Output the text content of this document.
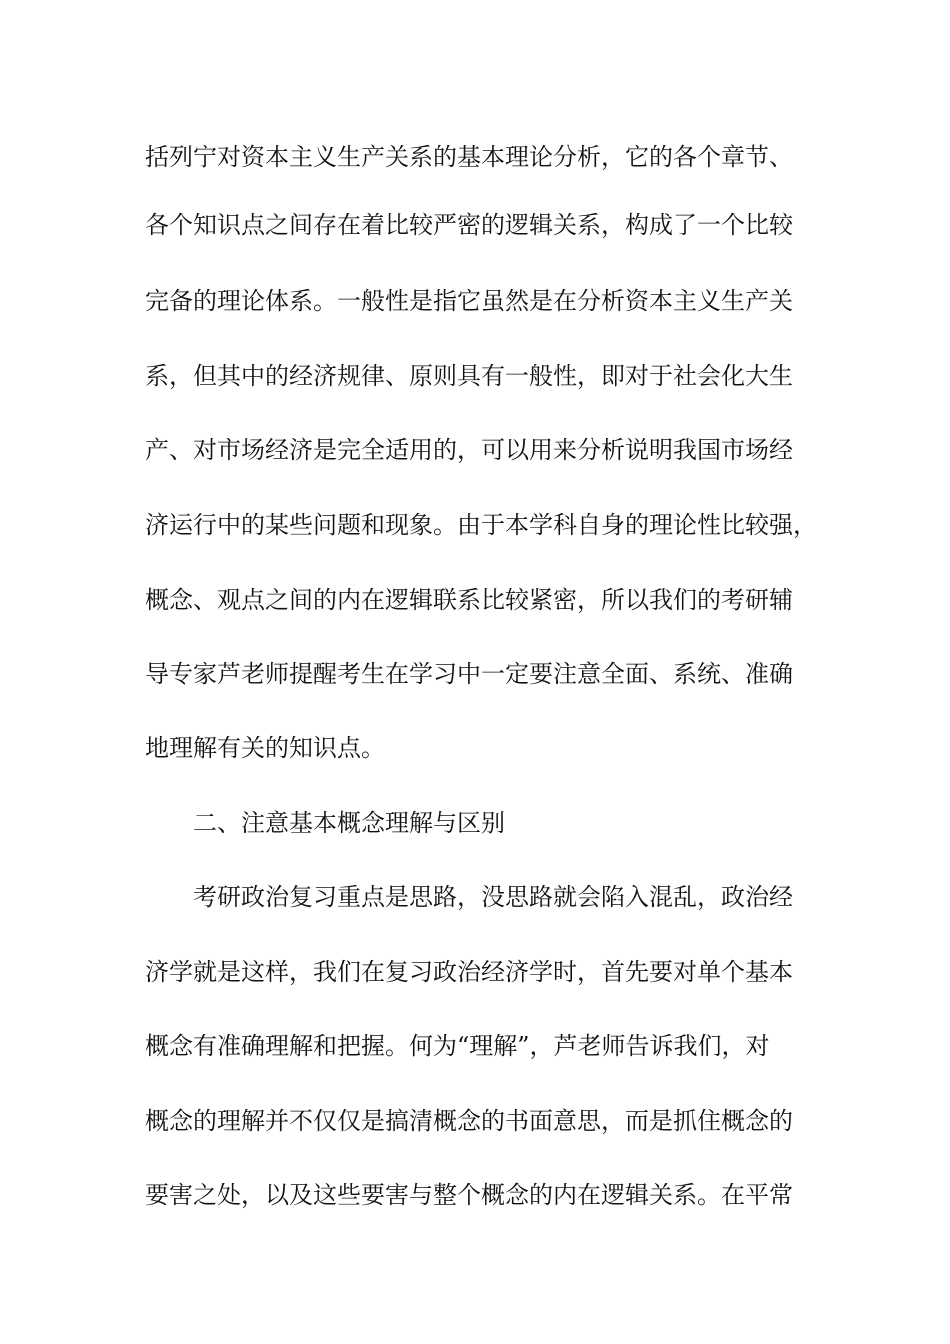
括列宁对资本主义生产关系的基本理论分析，它的各个章节、
各个知识点之间存在着比较严密的逻辑关系，构成了一个比较
完备的理论体系。一般性是指它虽然是在分析资本主义生产关
系，但其中的经济规律、原则具有一般性，即对于社会化大生
产、对市场经济是完全适用的，可以用来分析说明我国市场经
济运行中的某些问题和现象。由于本学科自身的理论性比较强，
概念、观点之间的内在逻辑联系比较紧密，所以我们的考研辅
导专家芦老师提醒考生在学习中一定要注意全面、系统、准确
地理解有关的知识点。
二、注意基本概念理解与区别
考研政治复习重点是思路，没思路就会陷入混乱，政治经
济学就是这样，我们在复习政治经济学时，首先要对单个基本
概念有准确理解和把握。何为“理解”，芦老师告诉我们，对
概念的理解并不仅仅是搞清概念的书面意思，而是抓住概念的
要害之处，以及这些要害与整个概念的内在逻辑关系。在平常
